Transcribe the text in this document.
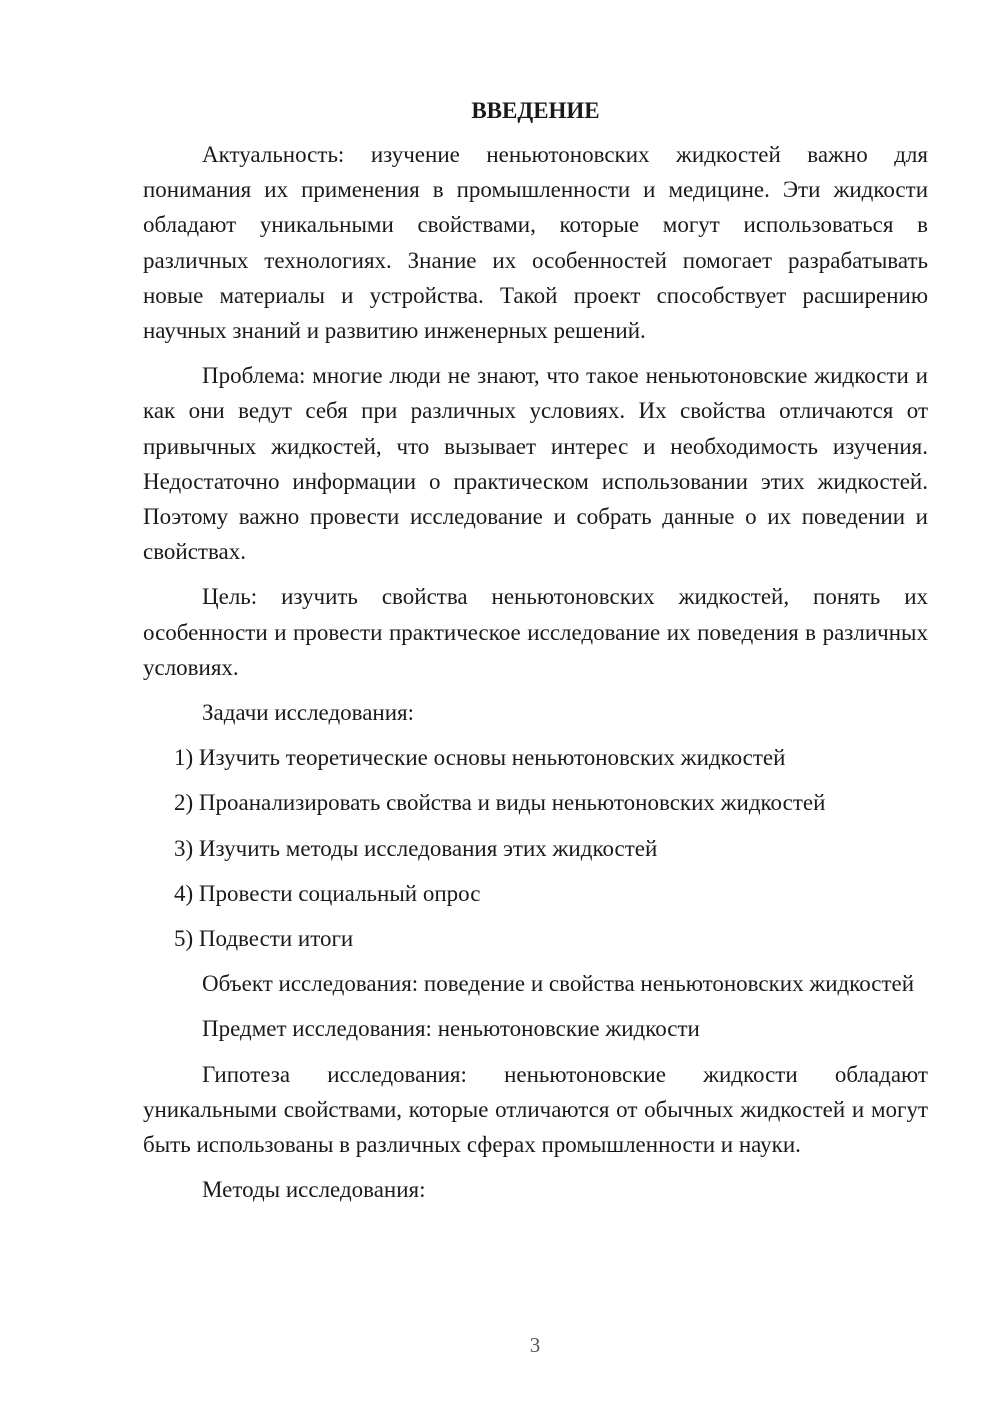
ВВЕДЕНИЕ

Актуальность: изучение неньютоновских жидкостей важно для понимания их применения в промышленности и медицине. Эти жидкости обладают уникальными свойствами, которые могут использоваться в различных технологиях. Знание их особенностей помогает разрабатывать новые материалы и устройства. Такой проект способствует расширению научных знаний и развитию инженерных решений.

Проблема: многие люди не знают, что такое неньютоновские жидкости и как они ведут себя при различных условиях. Их свойства отличаются от привычных жидкостей, что вызывает интерес и необходимость изучения. Недостаточно информации о практическом использовании этих жидкостей. Поэтому важно провести исследование и собрать данные о их поведении и свойствах.

Цель: изучить свойства неньютоновских жидкостей, понять их особенности и провести практическое исследование их поведения в различных условиях.

Задачи исследования:

1) Изучить теоретические основы неньютоновских жидкостей
2) Проанализировать свойства и виды неньютоновских жидкостей
3) Изучить методы исследования этих жидкостей
4) Провести социальный опрос
5) Подвести итоги

Объект исследования: поведение и свойства неньютоновских жидкостей

Предмет исследования: неньютоновские жидкости

Гипотеза исследования: неньютоновские жидкости обладают уникальными свойствами, которые отличаются от обычных жидкостей и могут быть использованы в различных сферах промышленности и науки.

Методы исследования:

3
